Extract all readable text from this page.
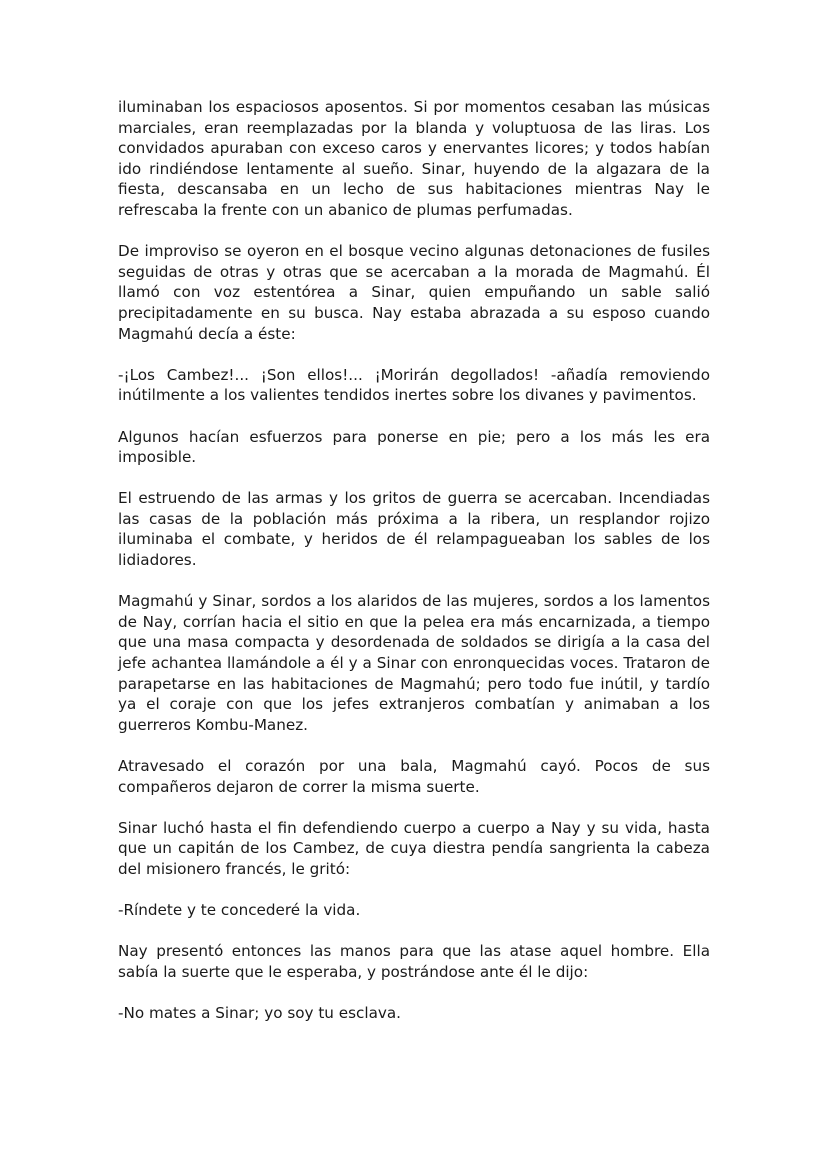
iluminaban los espaciosos aposentos. Si por momentos cesaban las músicas marciales, eran reemplazadas por la blanda y voluptuosa de las liras. Los convidados apuraban con exceso caros y enervantes licores; y todos habían ido rindiéndose lentamente al sueño. Sinar, huyendo de la algazara de la fiesta, descansaba en un lecho de sus habitaciones mientras Nay le refrescaba la frente con un abanico de plumas perfumadas.

De improviso se oyeron en el bosque vecino algunas detonaciones de fusiles seguidas de otras y otras que se acercaban a la morada de Magmahú. Él llamó con voz estentórea a Sinar, quien empuñando un sable salió precipitadamente en su busca. Nay estaba abrazada a su esposo cuando Magmahú decía a éste:

-¡Los Cambez!... ¡Son ellos!... ¡Morirán degollados! -añadía removiendo inútilmente a los valientes tendidos inertes sobre los divanes y pavimentos.

Algunos hacían esfuerzos para ponerse en pie; pero a los más les era imposible.

El estruendo de las armas y los gritos de guerra se acercaban. Incendiadas las casas de la población más próxima a la ribera, un resplandor rojizo iluminaba el combate, y heridos de él relampagueaban los sables de los lidiadores.

Magmahú y Sinar, sordos a los alaridos de las mujeres, sordos a los lamentos de Nay, corrían hacia el sitio en que la pelea era más encarnizada, a tiempo que una masa compacta y desordenada de soldados se dirigía a la casa del jefe achantea llamándole a él y a Sinar con enronquecidas voces. Trataron de parapetarse en las habitaciones de Magmahú; pero todo fue inútil, y tardío ya el coraje con que los jefes extranjeros combatían y animaban a los guerreros Kombu-Manez.

Atravesado el corazón por una bala, Magmahú cayó. Pocos de sus compañeros dejaron de correr la misma suerte.

Sinar luchó hasta el fin defendiendo cuerpo a cuerpo a Nay y su vida, hasta que un capitán de los Cambez, de cuya diestra pendía sangrienta la cabeza del misionero francés, le gritó:

-Ríndete y te concederé la vida.

Nay presentó entonces las manos para que las atase aquel hombre. Ella sabía la suerte que le esperaba, y postrándose ante él le dijo:

-No mates a Sinar; yo soy tu esclava.
